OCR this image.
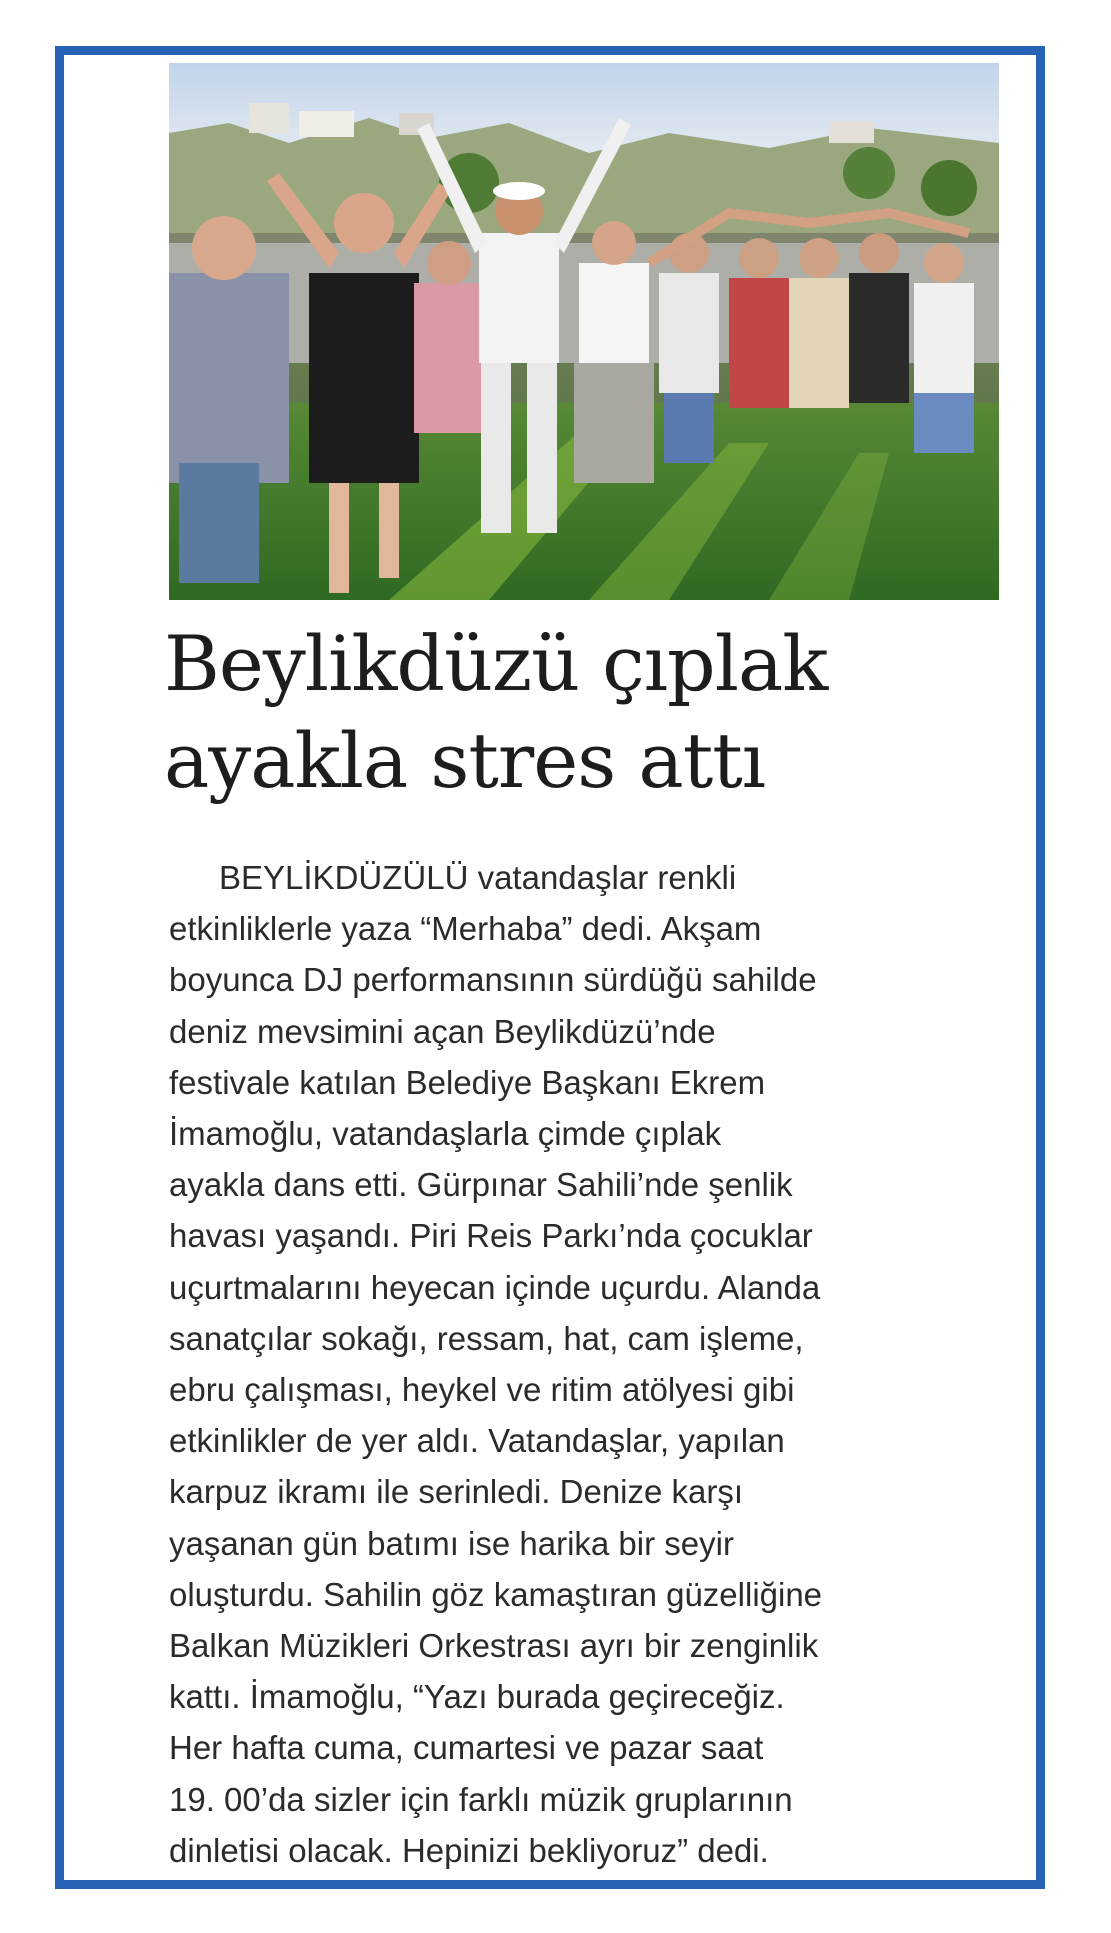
Beylikdüzü çıplak
ayakla stres attı
BEYLİKDÜZÜLÜ vatandaşlar renkli
etkinliklerle yaza “Merhaba” dedi. Akşam
boyunca DJ performansının sürdüğü sahilde
deniz mevsimini açan Beylikdüzü’nde
festivale katılan Belediye Başkanı Ekrem
İmamoğlu, vatandaşlarla çimde çıplak
ayakla dans etti. Gürpınar Sahili’nde şenlik
havası yaşandı. Piri Reis Parkı’nda çocuklar
uçurtmalarını heyecan içinde uçurdu. Alanda
sanatçılar sokağı, ressam, hat, cam işleme,
ebru çalışması, heykel ve ritim atölyesi gibi
etkinlikler de yer aldı. Vatandaşlar, yapılan
karpuz ikramı ile serinledi. Denize karşı
yaşanan gün batımı ise harika bir seyir
oluşturdu. Sahilin göz kamaştıran güzelliğine
Balkan Müzikleri Orkestrası ayrı bir zenginlik
kattı. İmamoğlu, “Yazı burada geçireceğiz.
Her hafta cuma, cumartesi ve pazar saat
19. 00’da sizler için farklı müzik gruplarının
dinletisi olacak. Hepinizi bekliyoruz” dedi.
